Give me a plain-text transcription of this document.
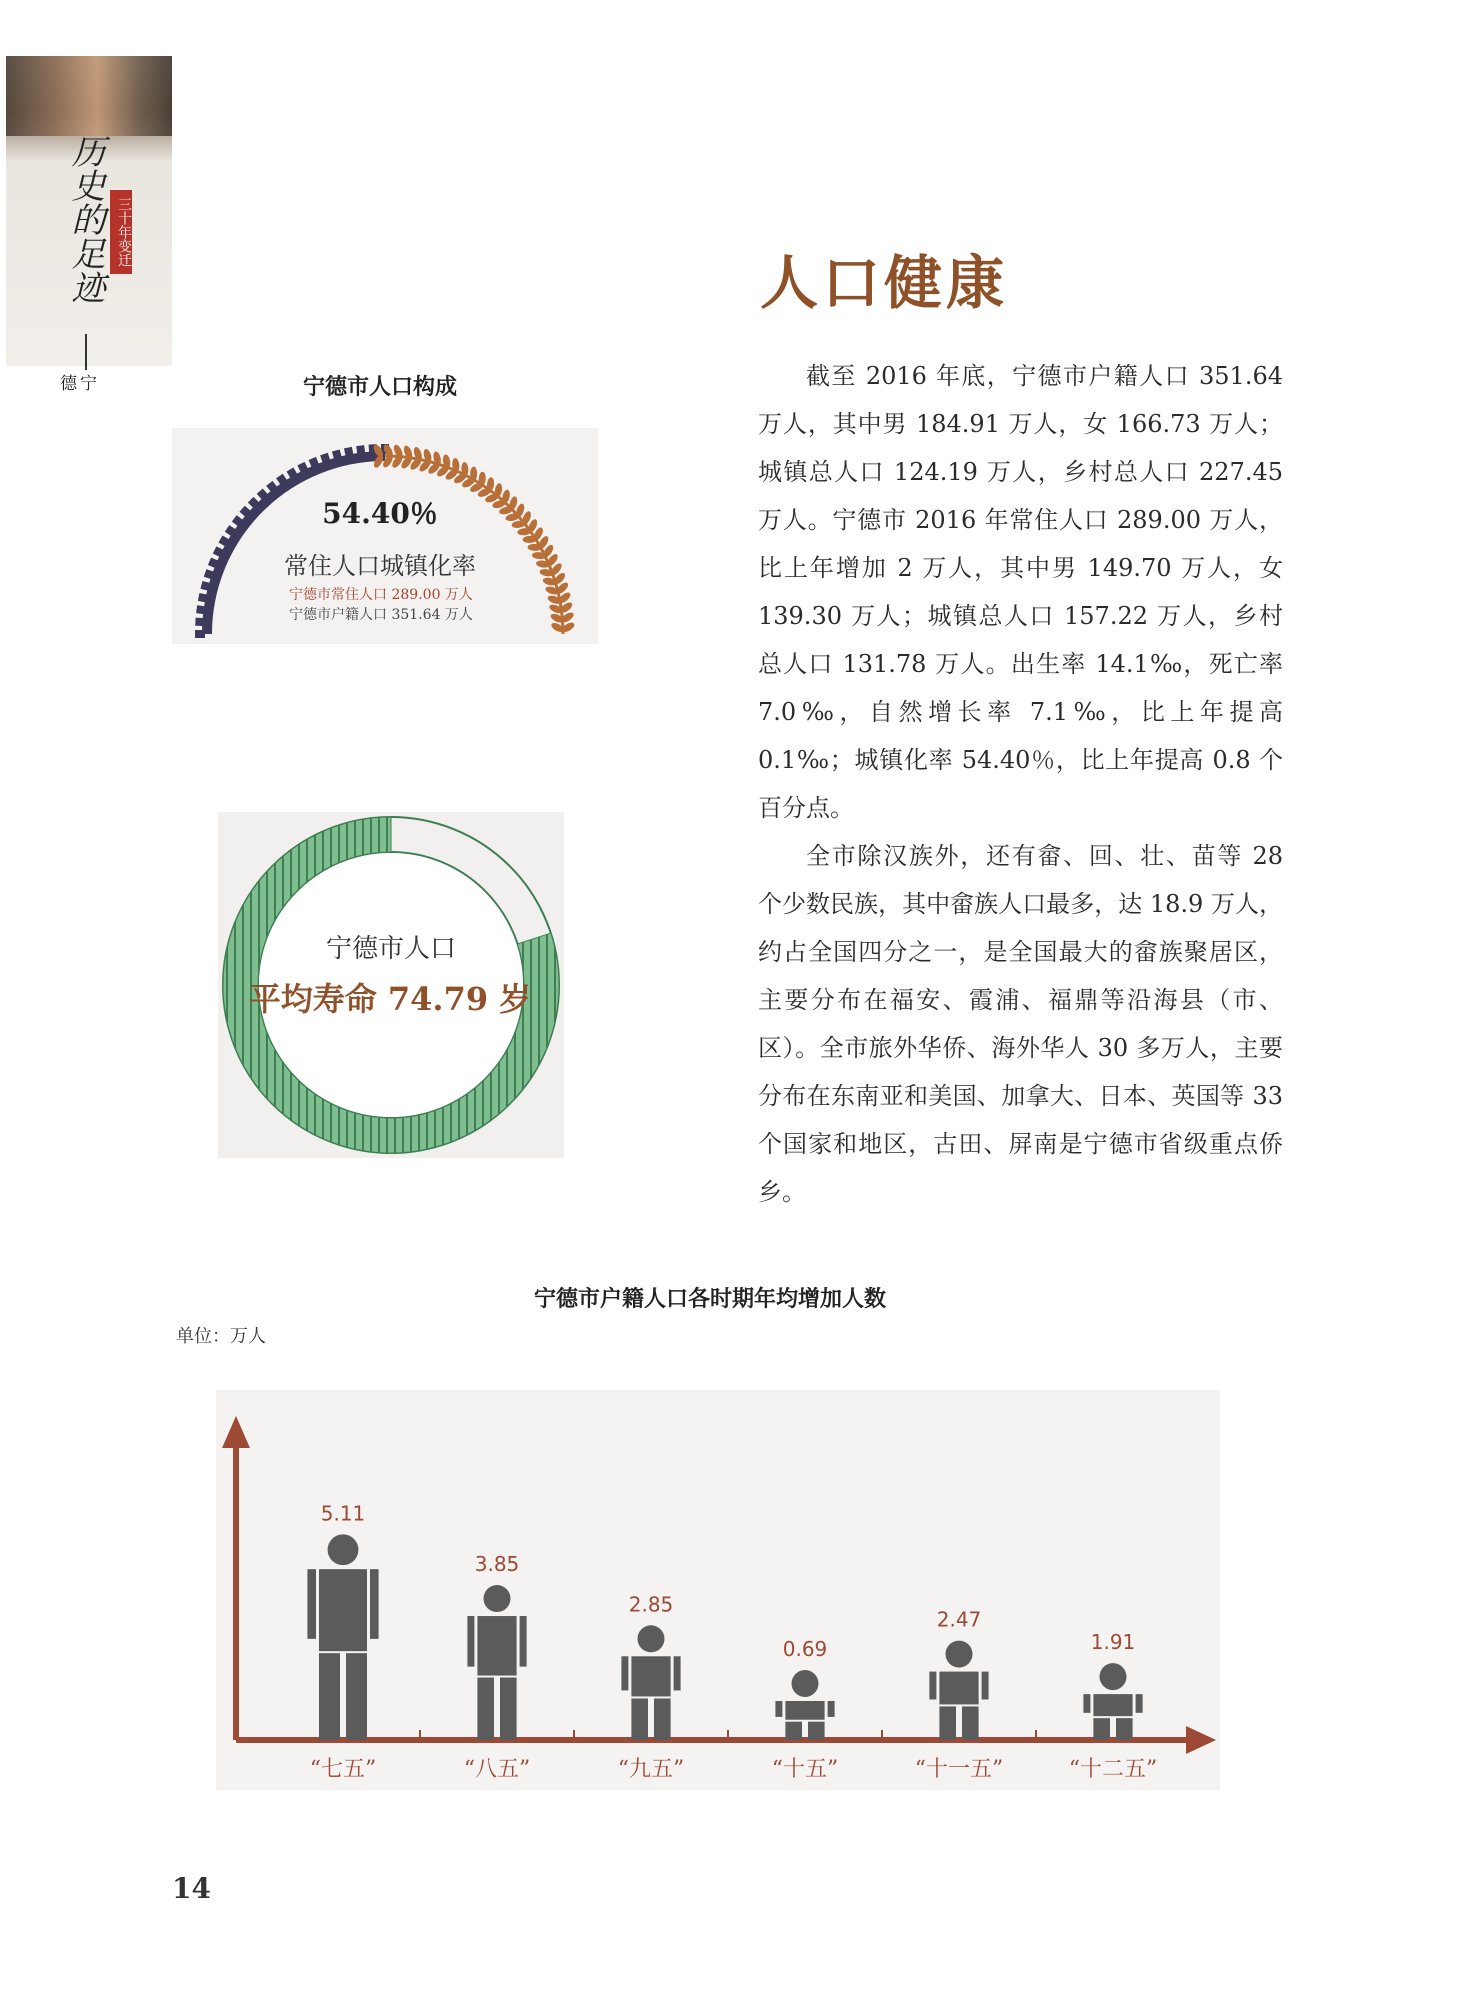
历史的足迹 三十年变迁
宁德
人口健康

截至 2016 年底，宁德市户籍人口 351.64 万人，其中男 184.91 万人，女 166.73 万人；城镇总人口 124.19 万人，乡村总人口 227.45 万人。宁德市 2016 年常住人口 289.00 万人，比上年增加 2 万人，其中男 149.70 万人，女 139.30 万人；城镇总人口 157.22 万人，乡村总人口 131.78 万人。出生率 14.1‰，死亡率 7.0‰，自然增长率 7.1‰，比上年提高 0.1‰；城镇化率 54.40％，比上年提高 0.8 个百分点。

全市除汉族外，还有畲、回、壮、苗等 28 个少数民族，其中畲族人口最多，达 18.9 万人，约占全国四分之一，是全国最大的畲族聚居区，主要分布在福安、霞浦、福鼎等沿海县（市、区）。全市旅外华侨、海外华人 30 多万人，主要分布在东南亚和美国、加拿大、日本、英国等 33 个国家和地区，古田、屏南是宁德市省级重点侨乡。

宁德市人口构成
54.40％
常住人口城镇化率
宁德市常住人口 289.00 万人
宁德市户籍人口 351.64 万人
宁德市人口
平均寿命 74.79 岁
宁德市户籍人口各时期年均增加人数
单位：万人
5.11
“七五”
3.85
“八五”
2.85
“九五”
0.69
“十五”
2.47
“十一五”
1.91
“十二五”
14
